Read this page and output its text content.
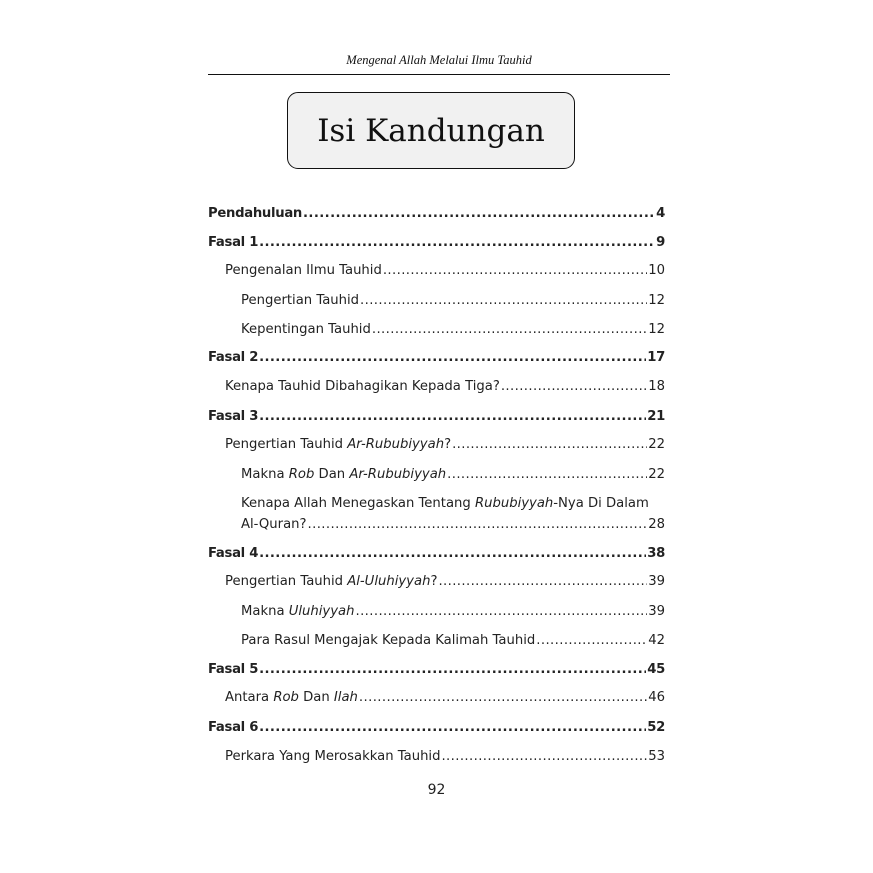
Mengenal Allah Melalui Ilmu Tauhid
Isi Kandungan
Pendahuluan .....	4
Fasal 1 .....	9
Pengenalan Ilmu Tauhid .....	10
Pengertian Tauhid .....	12
Kepentingan Tauhid .....	12
Fasal 2 .....	17
Kenapa Tauhid Dibahagikan Kepada Tiga? .....	18
Fasal 3 .....	21
Pengertian Tauhid Ar-Rububiyyah? .....	22
Makna Rob Dan Ar-Rububiyyah .....	22
Kenapa Allah Menegaskan Tentang Rububiyyah-Nya Di Dalam
Al-Quran? .....	28
Fasal 4 .....	38
Pengertian Tauhid Al-Uluhiyyah? .....	39
Makna Uluhiyyah .....	39
Para Rasul Mengajak Kepada Kalimah Tauhid .....	42
Fasal 5 .....	45
Antara Rob Dan Ilah .....	46
Fasal 6 .....	52
Perkara Yang Merosakkan Tauhid .....	53
92
